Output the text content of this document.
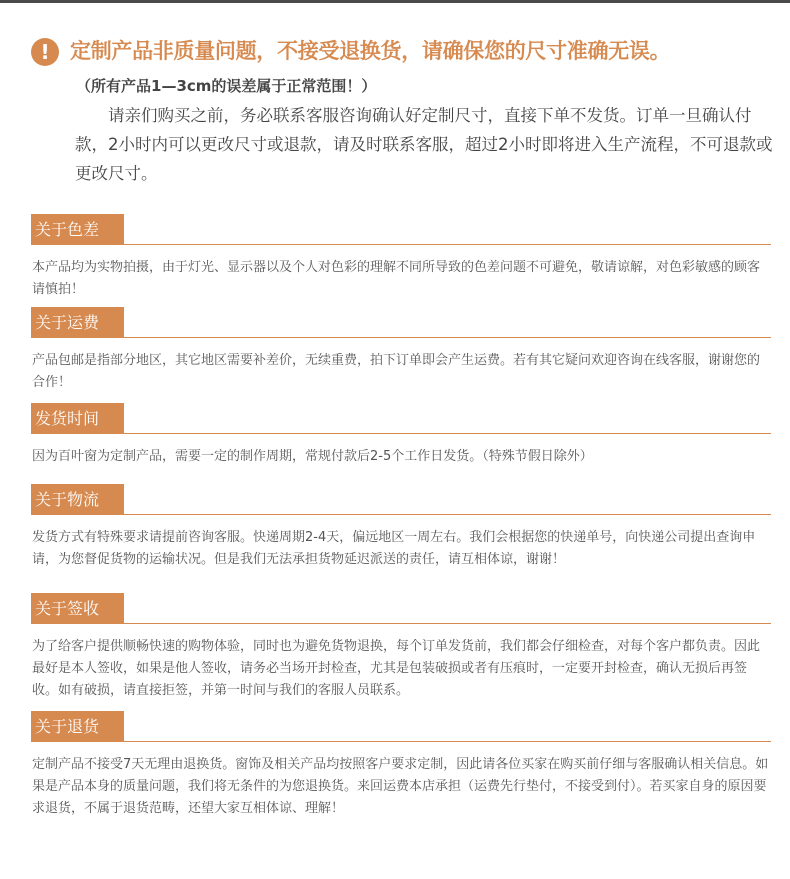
! 定制产品非质量问题，不接受退换货，请确保您的尺寸准确无误。
（所有产品1—3cm的误差属于正常范围！）
请亲们购买之前，务必联系客服咨询确认好定制尺寸，直接下单不发货。订单一旦确认付款，2小时内可以更改尺寸或退款，请及时联系客服，超过2小时即将进入生产流程，不可退款或更改尺寸。
关于色差
本产品均为实物拍摄，由于灯光、显示器以及个人对色彩的理解不同所导致的色差问题不可避免，敬请谅解，对色彩敏感的顾客请慎拍！
关于运费
产品包邮是指部分地区，其它地区需要补差价，无续重费，拍下订单即会产生运费。若有其它疑问欢迎咨询在线客服，谢谢您的合作！
发货时间
因为百叶窗为定制产品，需要一定的制作周期，常规付款后2-5个工作日发货。（特殊节假日除外）
关于物流
发货方式有特殊要求请提前咨询客服。快递周期2-4天，偏远地区一周左右。我们会根据您的快递单号，向快递公司提出查询申请，为您督促货物的运输状况。但是我们无法承担货物延迟派送的责任，请互相体谅，谢谢！
关于签收
为了给客户提供顺畅快速的购物体验，同时也为避免货物退换，每个订单发货前，我们都会仔细检查，对每个客户都负责。因此最好是本人签收，如果是他人签收，请务必当场开封检查，尤其是包装破损或者有压痕时，一定要开封检查，确认无损后再签收。如有破损，请直接拒签，并第一时间与我们的客服人员联系。
关于退货
定制产品不接受7天无理由退换货。窗饰及相关产品均按照客户要求定制，因此请各位买家在购买前仔细与客服确认相关信息。如果是产品本身的质量问题，我们将无条件的为您退换货。来回运费本店承担（运费先行垫付，不接受到付）。若买家自身的原因要求退货，不属于退货范畴，还望大家互相体谅、理解！
